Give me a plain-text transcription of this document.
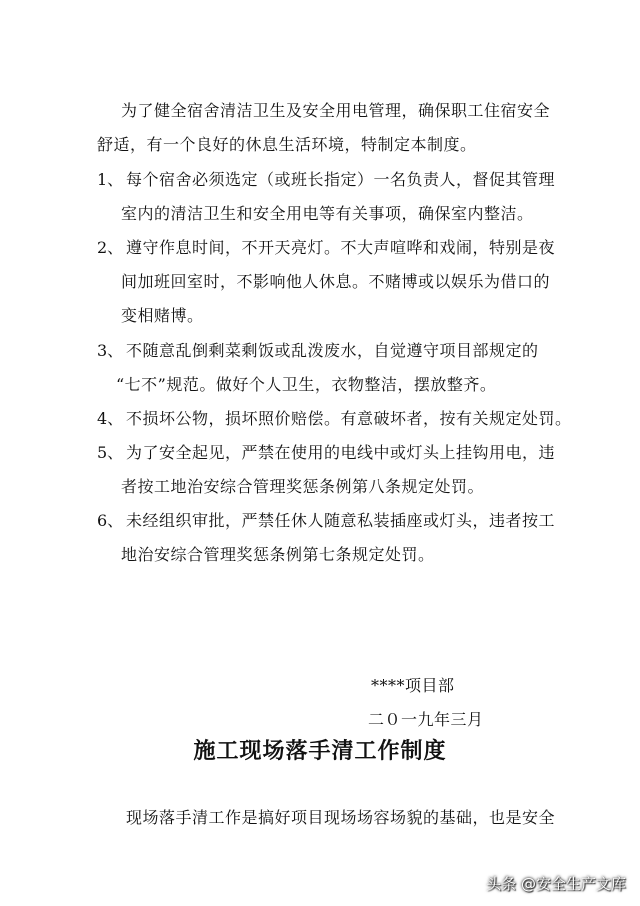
为了健全宿舍清洁卫生及安全用电管理，确保职工住宿安全
舒适，有一个良好的休息生活环境，特制定本制度。
1、 每个宿舍必须选定（或班长指定）一名负责人，督促其管理
室内的清洁卫生和安全用电等有关事项，确保室内整洁。
2、 遵守作息时间，不开天亮灯。不大声喧哗和戏闹，特别是夜
间加班回室时，不影响他人休息。不赌博或以娱乐为借口的
变相赌博。
3、 不随意乱倒剩菜剩饭或乱泼废水，自觉遵守项目部规定的
“七不”规范。做好个人卫生，衣物整洁，摆放整齐。
4、 不损坏公物，损坏照价赔偿。有意破坏者，按有关规定处罚。
5、 为了安全起见，严禁在使用的电线中或灯头上挂钩用电，违
者按工地治安综合管理奖惩条例第八条规定处罚。
6、 未经组织审批，严禁任休人随意私装插座或灯头，违者按工
地治安综合管理奖惩条例第七条规定处罚。
****项目部
二０一九年三月
施工现场落手清工作制度
现场落手清工作是搞好项目现场场容场貌的基础，也是安全
头条 @安全生产文库
